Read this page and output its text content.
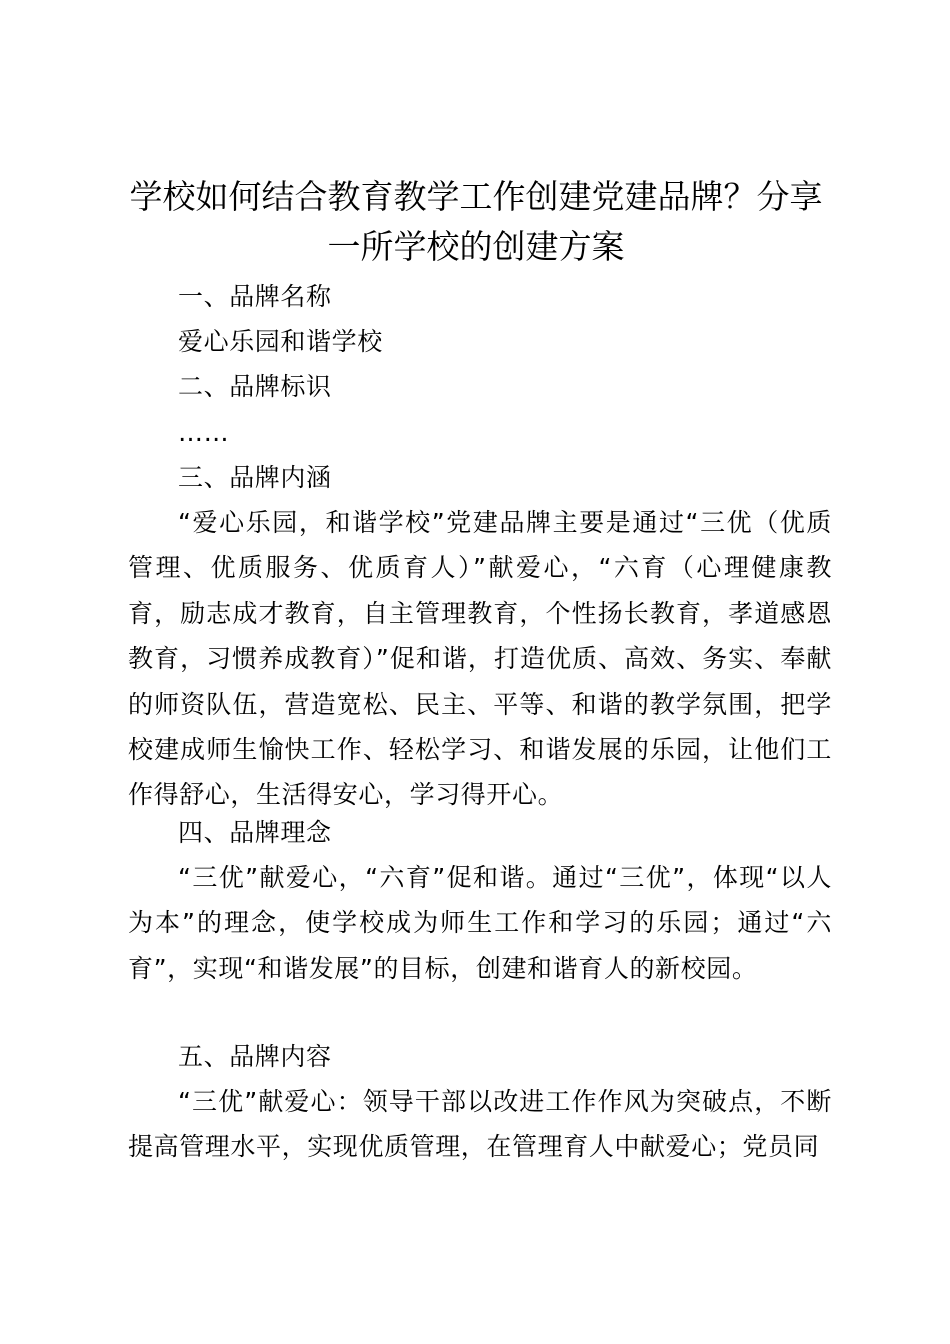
学校如何结合教育教学工作创建党建品牌？分享一所学校的创建方案
一、品牌名称
爱心乐园和谐学校
二、品牌标识
……
三、品牌内涵
“爱心乐园，和谐学校”党建品牌主要是通过“三优（优质管理、优质服务、优质育人）”献爱心，“六育（心理健康教育，励志成才教育，自主管理教育，个性扬长教育，孝道感恩教育，习惯养成教育）”促和谐，打造优质、高效、务实、奉献的师资队伍，营造宽松、民主、平等、和谐的教学氛围，把学校建成师生愉快工作、轻松学习、和谐发展的乐园，让他们工作得舒心，生活得安心，学习得开心。
四、品牌理念
“三优”献爱心，“六育”促和谐。通过“三优”，体现“以人为本”的理念，使学校成为师生工作和学习的乐园；通过“六育”，实现“和谐发展”的目标，创建和谐育人的新校园。
五、品牌内容
“三优”献爱心：领导干部以改进工作作风为突破点，不断提高管理水平，实现优质管理，在管理育人中献爱心；党员同
